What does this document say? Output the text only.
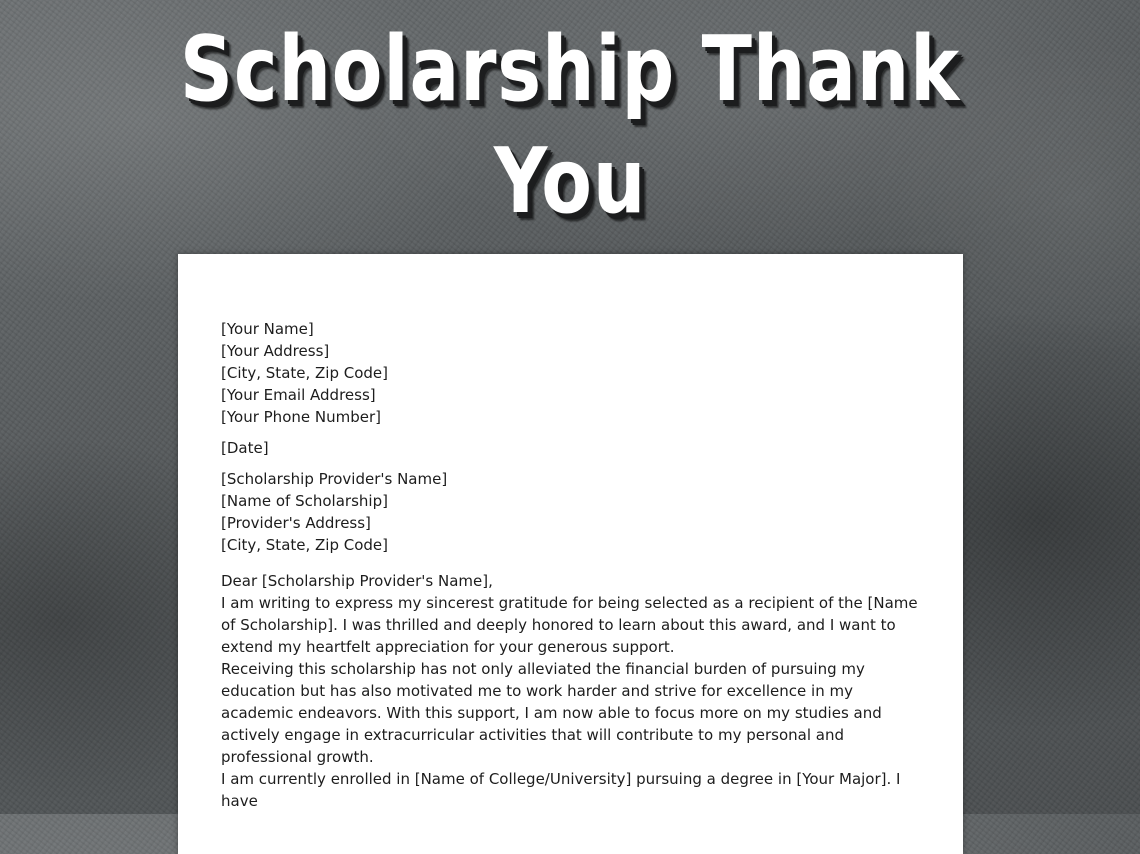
Scholarship Thank You
[Your Name]
[Your Address]
[City, State, Zip Code]
[Your Email Address]
[Your Phone Number]
[Date]
[Scholarship Provider's Name]
[Name of Scholarship]
[Provider's Address]
[City, State, Zip Code]
Dear [Scholarship Provider's Name],

I am writing to express my sincerest gratitude for being selected as a recipient of the [Name of Scholarship]. I was thrilled and deeply honored to learn about this award, and I want to extend my heartfelt appreciation for your generous support.

Receiving this scholarship has not only alleviated the financial burden of pursuing my education but has also motivated me to work harder and strive for excellence in my academic endeavors. With this support, I am now able to focus more on my studies and actively engage in extracurricular activities that will contribute to my personal and professional growth.

I am currently enrolled in [Name of College/University] pursuing a degree in [Your Major]. I have
